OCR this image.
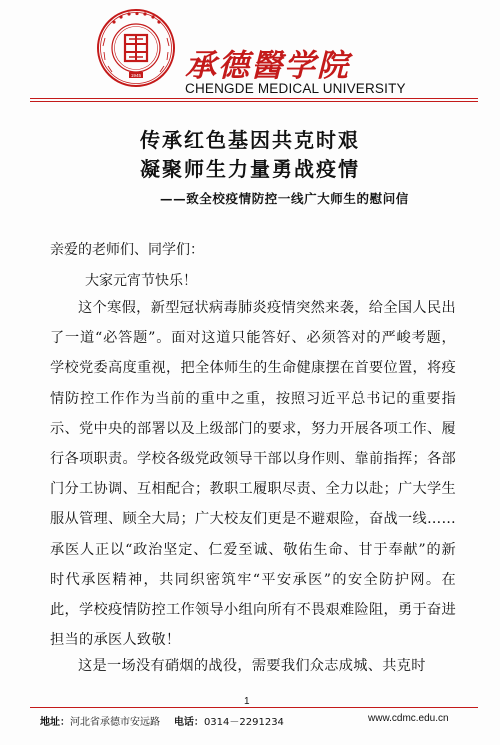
1945 承德醫学院
CHENGDE MEDICAL UNIVERSITY
传承红色基因共克时艰
凝聚师生力量勇战疫情
——致全校疫情防控一线广大师生的慰问信
亲爱的老师们、同学们：
大家元宵节快乐！
这个寒假，新型冠状病毒肺炎疫情突然来袭，给全国人民出了一道“必答题”。面对这道只能答好、必须答对的严峻考题，学校党委高度重视，把全体师生的生命健康摆在首要位置，将疫情防控工作作为当前的重中之重，按照习近平总书记的重要指示、党中央的部署以及上级部门的要求，努力开展各项工作、履行各项职责。学校各级党政领导干部以身作则、靠前指挥；各部门分工协调、互相配合；教职工履职尽责、全力以赴；广大学生服从管理、顾全大局；广大校友们更是不避艰险，奋战一线…… 承医人正以“政治坚定、仁爱至诚、敬佑生命、甘于奉献”的新时代承医精神，共同织密筑牢“平安承医”的安全防护网。在此，学校疫情防控工作领导小组向所有不畏艰难险阻，勇于奋进担当的承医人致敬！
这是一场没有硝烟的战役，需要我们众志成城、共克时
1
地址：河北省承德市安远路 电话：0314－2291234	www.cdmc.edu.cn
